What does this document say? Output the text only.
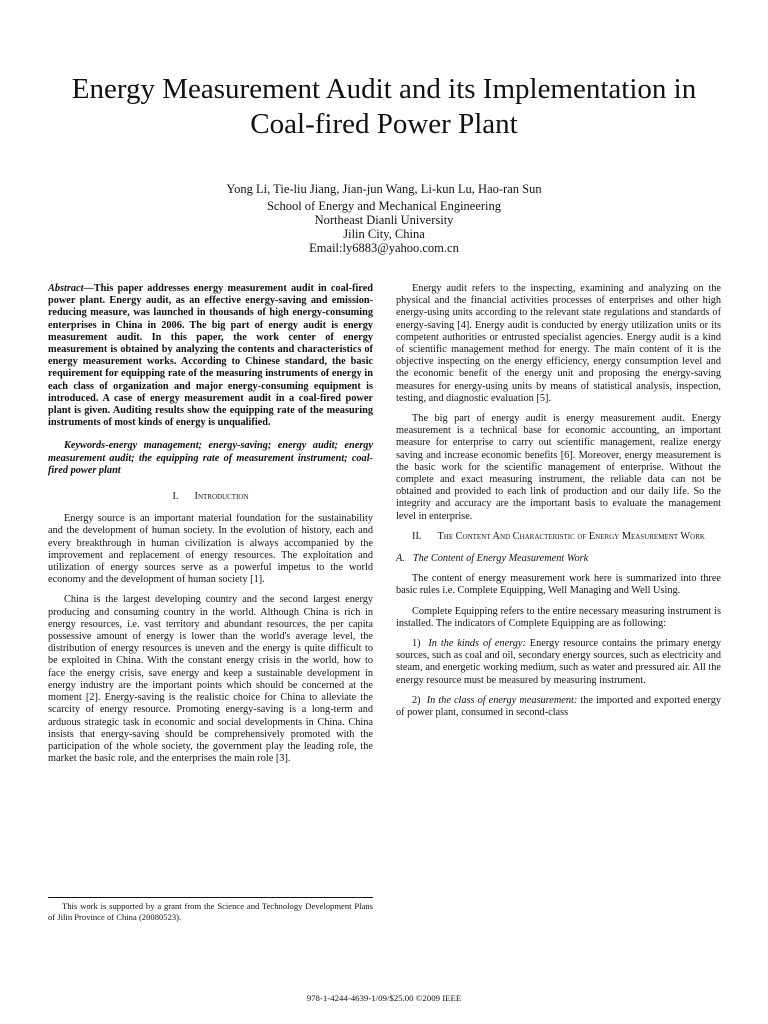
Energy Measurement Audit and its Implementation in
Coal-fired Power Plant
Yong Li, Tie-liu Jiang, Jian-jun Wang, Li-kun Lu, Hao-ran Sun
School of Energy and Mechanical Engineering
Northeast Dianli University
Jilin City, China
Email:ly6883@yahoo.com.cn

Abstract—This paper addresses energy measurement audit in coal-fired power plant. Energy audit, as an effective energy-saving and emission-reducing measure, was launched in thousands of high energy-consuming enterprises in China in 2006. The big part of energy audit is energy measurement audit. In this paper, the work center of energy measurement is obtained by analyzing the contents and characteristics of energy measurement works. According to Chinese standard, the basic requirement for equipping rate of the measuring instruments of energy in each class of organization and major energy-consuming equipment is introduced. A case of energy measurement audit in a coal-fired power plant is given. Auditing results show the equipping rate of the measuring instruments of most kinds of energy is unqualified.

Keywords-energy management; energy-saving; energy audit; energy measurement audit; the equipping rate of measurement instrument; coal-fired power plant

I. Introduction

Energy source is an important material foundation for the sustainability and the development of human society. In the evolution of history, each and every breakthrough in human civilization is always accompanied by the improvement and replacement of energy resources. The exploitation and utilization of energy sources serve as a powerful impetus to the world economy and the development of human society [1].

China is the largest developing country and the second largest energy producing and consuming country in the world. Although China is rich in energy resources, i.e. vast territory and abundant resources, the per capita possessive amount of energy is lower than the world's average level, the distribution of energy resources is uneven and the energy is quite difficult to be exploited in China. With the constant energy crisis in the world, how to face the energy crisis, save energy and keep a sustainable development in energy industry are the important points which should be concerned at the moment [2]. Energy-saving is the realistic choice for China to alleviate the scarcity of energy resource. Promoting energy-saving is a long-term and arduous strategic task in economic and social developments in China. China insists that energy-saving should be comprehensively promoted with the participation of the whole society, the government play the leading role, the market the basic role, and the enterprises the main role [3].

Energy audit refers to the inspecting, examining and analyzing on the physical and the financial activities processes of enterprises and other high energy-using units according to the relevant state regulations and standards of energy-saving [4]. Energy audit is conducted by energy utilization units or its competent authorities or entrusted specialist agencies. Energy audit is a kind of scientific management method for energy. The main content of it is the objective inspecting on the energy efficiency, energy consumption level and the economic benefit of the energy unit and proposing the energy-saving measures for energy-using units by means of statistical analysis, inspection, testing, and diagnostic evaluation [5].

The big part of energy audit is energy measurement audit. Energy measurement is a technical base for economic accounting, an important measure for enterprise to carry out scientific management, realize energy saving and increase economic benefits [6]. Moreover, energy measurement is the basic work for the scientific management of enterprise. Without the complete and exact measuring instrument, the reliable data can not be obtained and provided to each link of production and our daily life. So the integrity and accuracy are the important basis to evaluate the management level in enterprise.

II. The Content And Characteristic of Energy Measurement Work

A. The Content of Energy Measurement Work

The content of energy measurement work here is summarized into three basic rules i.e. Complete Equipping, Well Managing and Well Using.

Complete Equipping refers to the entire necessary measuring instrument is installed. The indicators of Complete Equipping are as following:

1) In the kinds of energy: Energy resource contains the primary energy sources, such as coal and oil, secondary energy sources, such as electricity and steam, and energetic working medium, such as water and pressured air. All the energy resource must be measured by measuring instrument.

2) In the class of energy measurement: the imported and exported energy of power plant, consumed in second-class

This work is supported by a grant from the Science and Technology Development Plans of Jilin Province of China (20080523).
978-1-4244-4639-1/09/$25.00 ©2009 IEEE
